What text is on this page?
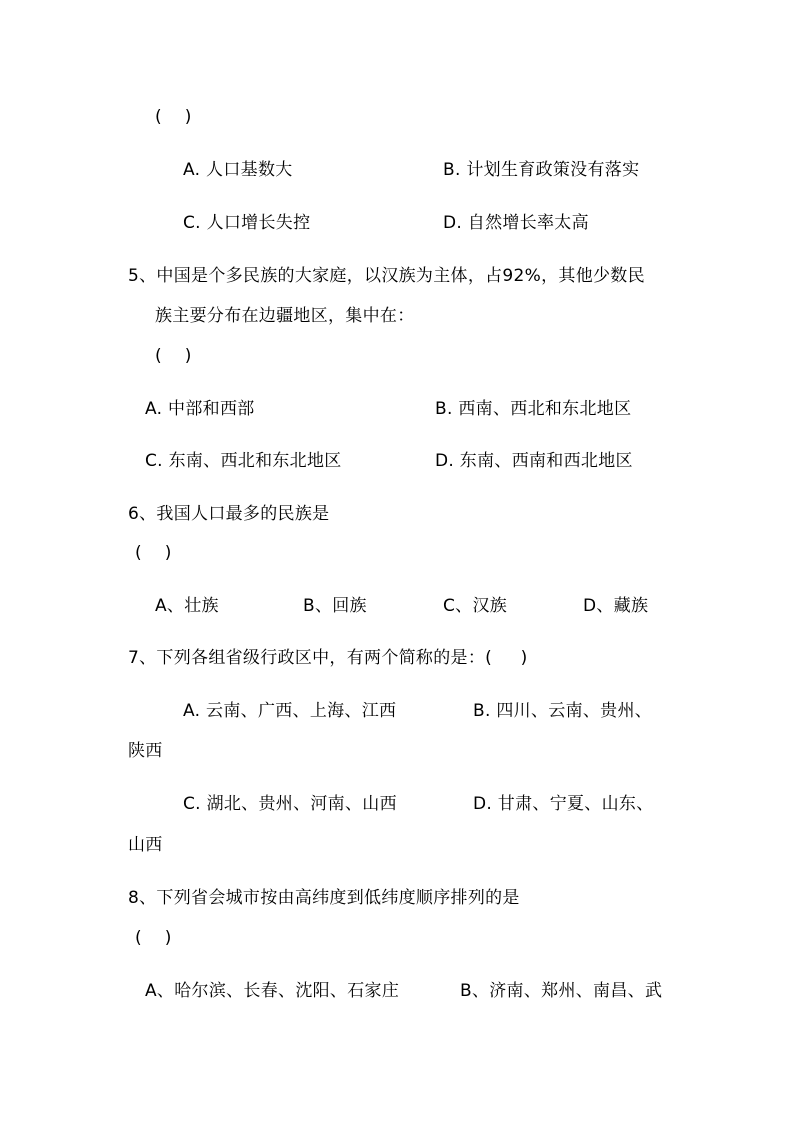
(    )
A. 人口基数大	B. 计划生育政策没有落实
C. 人口增长失控	D. 自然增长率太高
5、中国是个多民族的大家庭，以汉族为主体，占92%，其他少数民
族主要分布在边疆地区，集中在：
(    )
A. 中部和西部	B. 西南、西北和东北地区
C. 东南、西北和东北地区	D. 东南、西南和西北地区
6、我国人口最多的民族是
(    )
A、壮族	B、回族	C、汉族	D、藏族
7、下列各组省级行政区中，有两个简称的是：(     )
A. 云南、广西、上海、江西	B. 四川、云南、贵州、
陕西
C. 湖北、贵州、河南、山西	D. 甘肃、宁夏、山东、
山西
8、下列省会城市按由高纬度到低纬度顺序排列的是
(    )
A、哈尔滨、长春、沈阳、石家庄	B、济南、郑州、南昌、武
